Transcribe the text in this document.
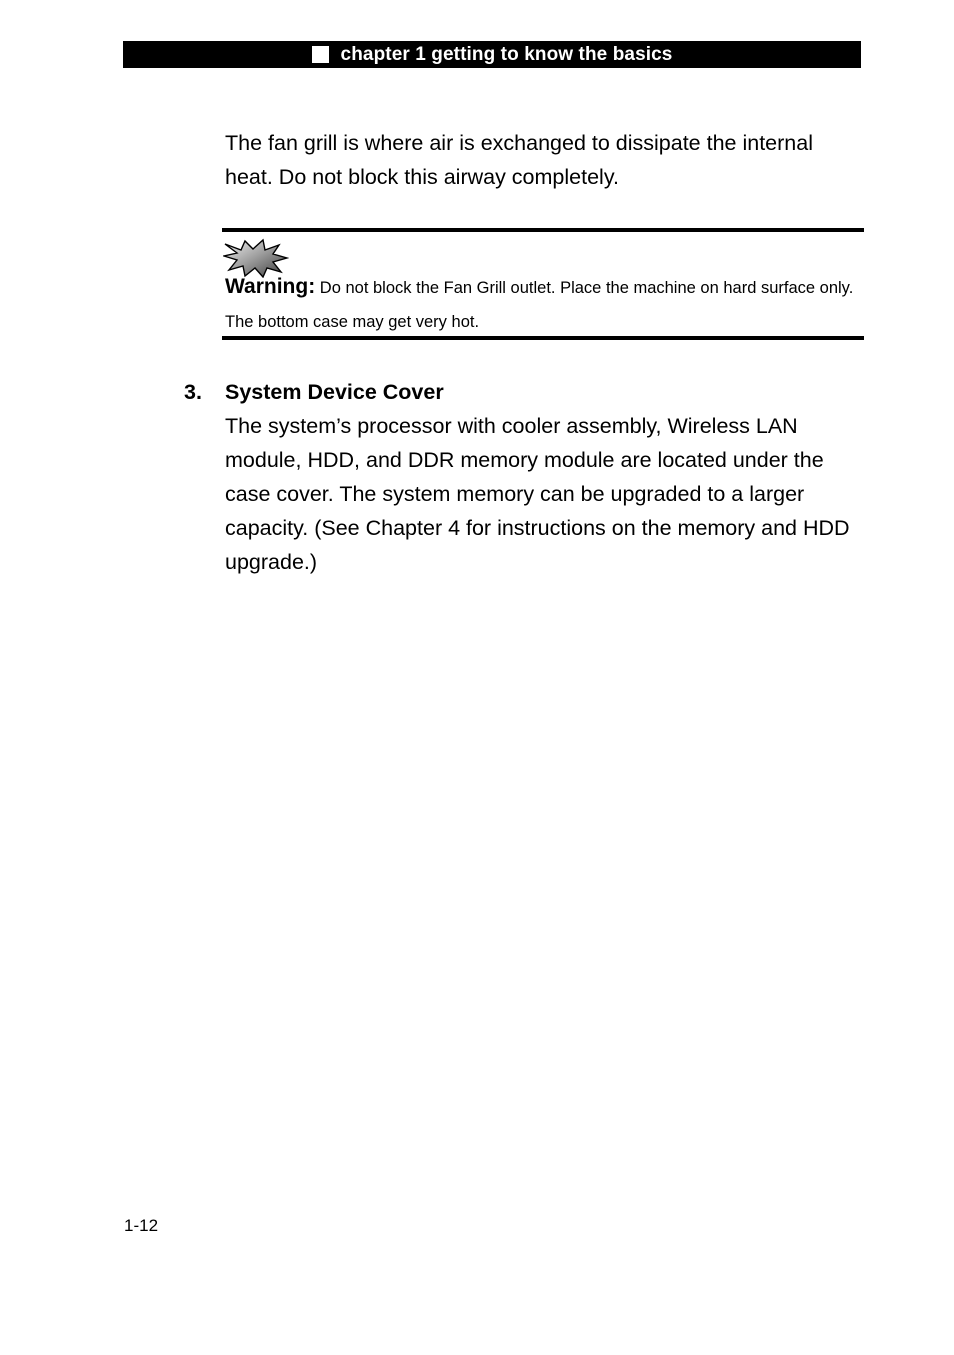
chapter 1 getting to know the basics

The fan grill is where air is exchanged to dissipate the internal heat. Do not block this airway completely.

Warning: Do not block the Fan Grill outlet. Place the machine on hard surface only. The bottom case may get very hot.

3. System Device Cover

The system’s processor with cooler assembly, Wireless LAN module, HDD, and DDR memory module are located under the case cover. The system memory can be upgraded to a larger capacity. (See Chapter 4 for instructions on the memory and HDD upgrade.)

1-12
